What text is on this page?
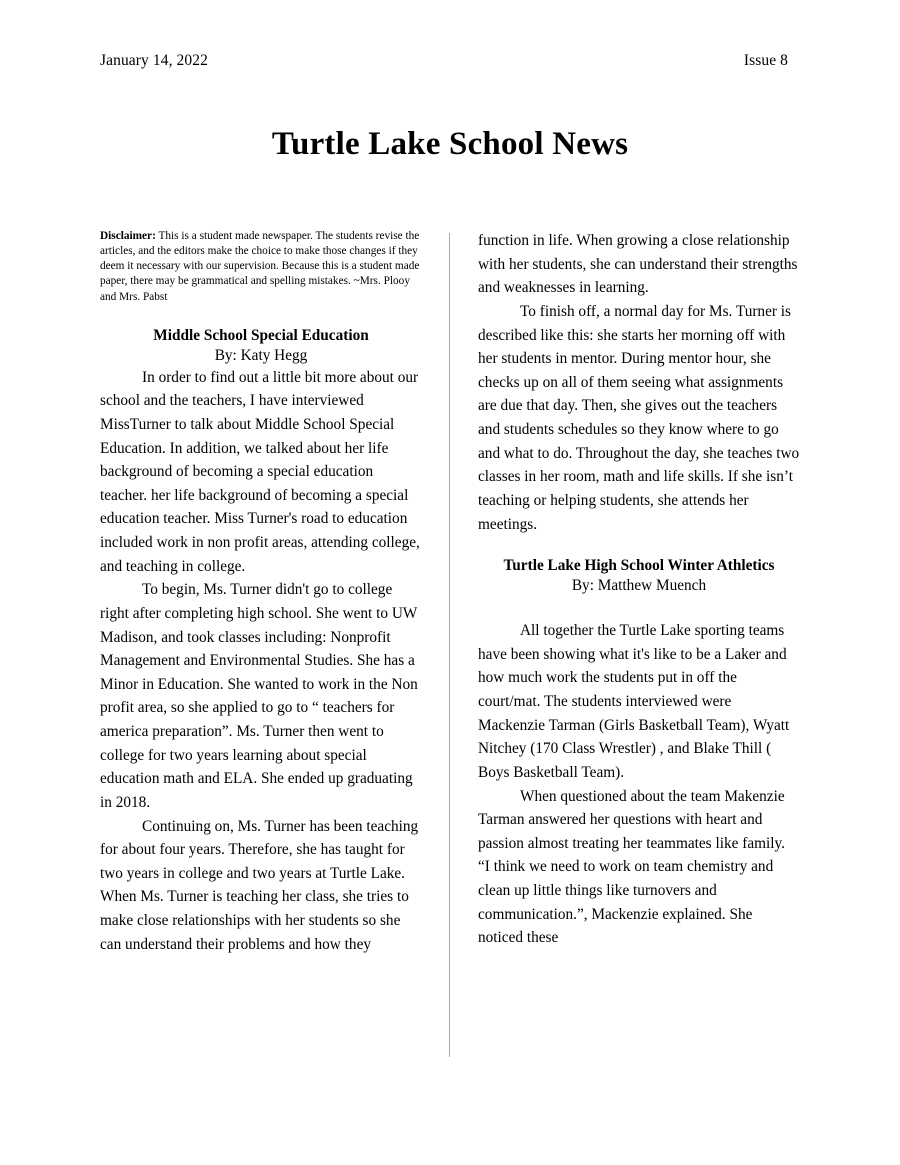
January 14, 2022	Issue 8
Turtle Lake School News

Disclaimer: This is a student made newspaper. The students revise the articles, and the editors make the choice to make those changes if they deem it necessary with our supervision. Because this is a student made paper, there may be grammatical and spelling mistakes. ~Mrs. Plooy and Mrs. Pabst

Middle School Special Education
By: Katy Hegg

In order to find out a little bit more about our school and the teachers, I have interviewed MissTurner to talk about Middle School Special Education. In addition, we talked about her life background of becoming a special education teacher. her life background of becoming a special education teacher. Miss Turner's road to education included work in non profit areas, attending college, and teaching in college.

To begin, Ms. Turner didn't go to college right after completing high school. She went to UW Madison, and took classes including: Nonprofit Management and Environmental Studies. She has a Minor in Education. She wanted to work in the Non profit area, so she applied to go to “ teachers for america preparation”. Ms. Turner then went to college for two years learning about special education math and ELA. She ended up graduating in 2018.

Continuing on, Ms. Turner has been teaching for about four years. Therefore, she has taught for two years in college and two years at Turtle Lake. When Ms. Turner is teaching her class, she tries to make close relationships with her students so she can understand their problems and how they

function in life. When growing a close relationship with her students, she can understand their strengths and weaknesses in learning.

To finish off, a normal day for Ms. Turner is described like this: she starts her morning off with her students in mentor. During mentor hour, she checks up on all of them seeing what assignments are due that day. Then, she gives out the teachers and students schedules so they know where to go and what to do. Throughout the day, she teaches two classes in her room, math and life skills. If she isn’t teaching or helping students, she attends her meetings.

Turtle Lake High School Winter Athletics
By: Matthew Muench

All together the Turtle Lake sporting teams have been showing what it's like to be a Laker and how much work the students put in off the court/mat. The students interviewed were Mackenzie Tarman (Girls Basketball Team), Wyatt Nitchey (170 Class Wrestler) , and Blake Thill ( Boys Basketball Team).

When questioned about the team Makenzie Tarman answered her questions with heart and passion almost treating her teammates like family. “I think we need to work on team chemistry and clean up little things like turnovers and communication.”, Mackenzie explained. She noticed these
